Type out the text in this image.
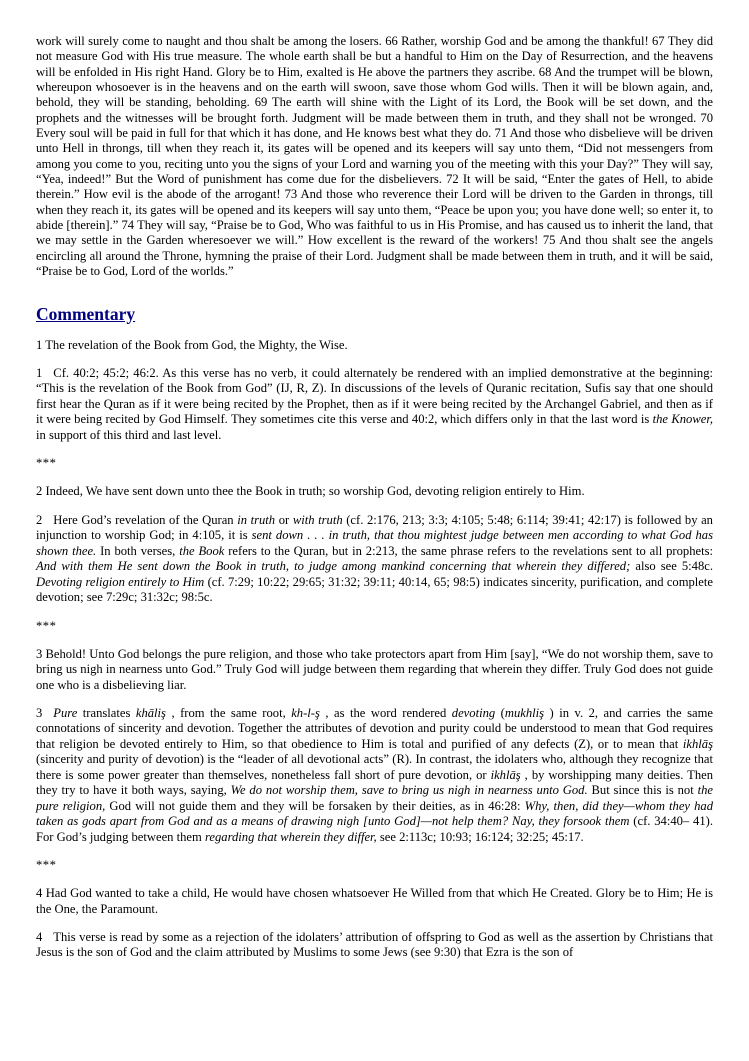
work will surely come to naught and thou shalt be among the losers. 66 Rather, worship God and be among the thankful! 67 They did not measure God with His true measure. The whole earth shall be but a handful to Him on the Day of Resurrection, and the heavens will be enfolded in His right Hand. Glory be to Him, exalted is He above the partners they ascribe. 68 And the trumpet will be blown, whereupon whosoever is in the heavens and on the earth will swoon, save those whom God wills. Then it will be blown again, and, behold, they will be standing, beholding. 69 The earth will shine with the Light of its Lord, the Book will be set down, and the prophets and the witnesses will be brought forth. Judgment will be made between them in truth, and they shall not be wronged. 70 Every soul will be paid in full for that which it has done, and He knows best what they do. 71 And those who disbelieve will be driven unto Hell in throngs, till when they reach it, its gates will be opened and its keepers will say unto them, “Did not messengers from among you come to you, reciting unto you the signs of your Lord and warning you of the meeting with this your Day?” They will say, “Yea, indeed!” But the Word of punishment has come due for the disbelievers. 72 It will be said, “Enter the gates of Hell, to abide therein.” How evil is the abode of the arrogant! 73 And those who reverence their Lord will be driven to the Garden in throngs, till when they reach it, its gates will be opened and its keepers will say unto them, “Peace be upon you; you have done well; so enter it, to abide [therein].” 74 They will say, “Praise be to God, Who was faithful to us in His Promise, and has caused us to inherit the land, that we may settle in the Garden wheresoever we will.” How excellent is the reward of the workers! 75 And thou shalt see the angels encircling all around the Throne, hymning the praise of their Lord. Judgment shall be made between them in truth, and it will be said, “Praise be to God, Lord of the worlds.”

Commentary

1 The revelation of the Book from God, the Mighty, the Wise.

1 Cf. 40:2; 45:2; 46:2. As this verse has no verb, it could alternately be rendered with an implied demonstrative at the beginning: “This is the revelation of the Book from God” (IJ, R, Z). In discussions of the levels of Quranic recitation, Sufis say that one should first hear the Quran as if it were being recited by the Prophet, then as if it were being recited by the Archangel Gabriel, and then as if it were being recited by God Himself. They sometimes cite this verse and 40:2, which differs only in that the last word is the Knower, in support of this third and last level.

***

2 Indeed, We have sent down unto thee the Book in truth; so worship God, devoting religion entirely to Him.

2 Here God’s revelation of the Quran in truth or with truth (cf. 2:176, 213; 3:3; 4:105; 5:48; 6:114; 39:41; 42:17) is followed by an injunction to worship God; in 4:105, it is sent down . . . in truth, that thou mightest judge between men according to what God has shown thee. In both verses, the Book refers to the Quran, but in 2:213, the same phrase refers to the revelations sent to all prophets: And with them He sent down the Book in truth, to judge among mankind concerning that wherein they differed; also see 5:48c. Devoting religion entirely to Him (cf. 7:29; 10:22; 29:65; 31:32; 39:11; 40:14, 65; 98:5) indicates sincerity, purification, and complete devotion; see 7:29c; 31:32c; 98:5c.

***

3 Behold! Unto God belongs the pure religion, and those who take protectors apart from Him [say], “We do not worship them, save to bring us nigh in nearness unto God.” Truly God will judge between them regarding that wherein they differ. Truly God does not guide one who is a disbelieving liar.

3 Pure translates khāliş , from the same root, kh-l-ş , as the word rendered devoting (mukhliş ) in v. 2, and carries the same connotations of sincerity and devotion. Together the attributes of devotion and purity could be understood to mean that God requires that religion be devoted entirely to Him, so that obedience to Him is total and purified of any defects (Z), or to mean that ikhlāş (sincerity and purity of devotion) is the “leader of all devotional acts” (R). In contrast, the idolaters who, although they recognize that there is some power greater than themselves, nonetheless fall short of pure devotion, or ikhlāş , by worshipping many deities. Then they try to have it both ways, saying, We do not worship them, save to bring us nigh in nearness unto God. But since this is not the pure religion, God will not guide them and they will be forsaken by their deities, as in 46:28: Why, then, did they—whom they had taken as gods apart from God and as a means of drawing nigh [unto God]—not help them? Nay, they forsook them (cf. 34:40– 41). For God’s judging between them regarding that wherein they differ, see 2:113c; 10:93; 16:124; 32:25; 45:17.

***

4 Had God wanted to take a child, He would have chosen whatsoever He Willed from that which He Created. Glory be to Him; He is the One, the Paramount.

4 This verse is read by some as a rejection of the idolaters’ attribution of offspring to God as well as the assertion by Christians that Jesus is the son of God and the claim attributed by Muslims to some Jews (see 9:30) that Ezra is the son of
